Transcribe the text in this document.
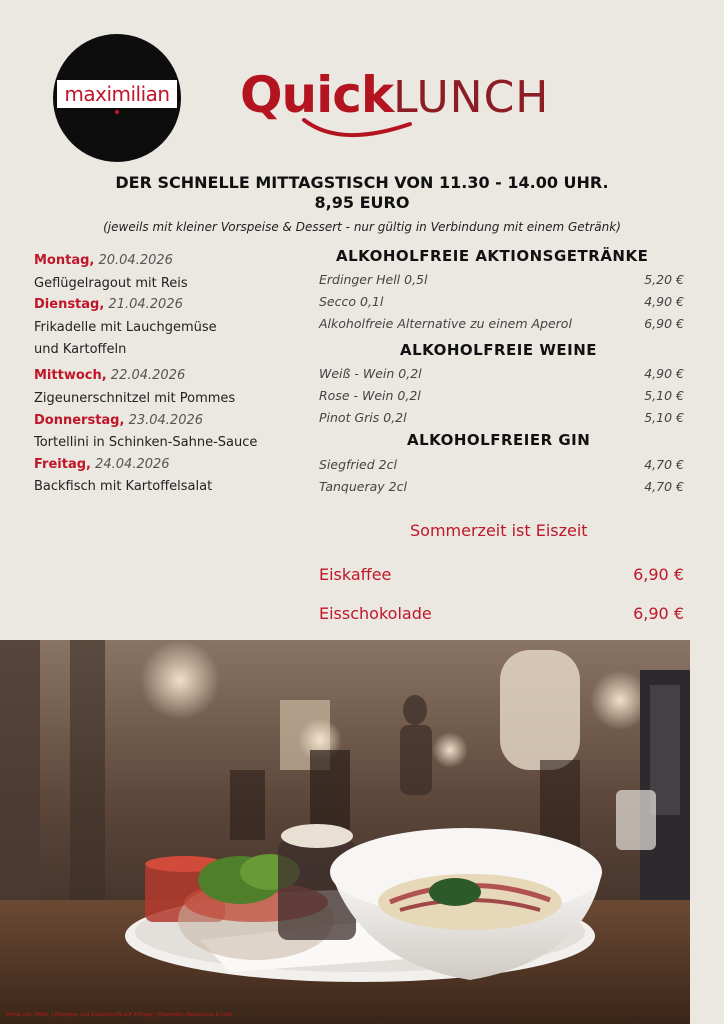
maximilian QuickLUNCH
DER SCHNELLE MITTAGSTISCH VON 11.30 - 14.00 UHR.
8,95 EURO
(jeweils mit kleiner Vorspeise & Dessert - nur gültig in Verbindung mit einem Getränk)
Montag, 20.04.2026
Geflügelragout mit Reis
Dienstag, 21.04.2026
Frikadelle mit Lauchgemüse
und Kartoffeln
Mittwoch, 22.04.2026
Zigeunerschnitzel mit Pommes
Donnerstag, 23.04.2026
Tortellini in Schinken-Sahne-Sauce
Freitag, 24.04.2026
Backfisch mit Kartoffelsalat
ALKOHOLFREIE AKTIONSGETRÄNKE
Erdinger Hell 0,5l	5,20 €
Secco 0,1l	4,90 €
Alkoholfreie Alternative zu einem Aperol	6,90 €
ALKOHOLFREIE WEINE
Weiß - Wein 0,2l	4,90 €
Rose - Wein 0,2l	5,10 €
Pinot Gris 0,2l	5,10 €
ALKOHOLFREIER GIN
Siegfried 2cl	4,70 €
Tanqueray 2cl	4,70 €
Sommerzeit ist Eiszeit
Eiskaffee	6,90 €
Eisschokolade	6,90 €
Preise inkl. MwSt. | Allergene und Zusatzstoffe auf Anfrage | Maximilian Restaurant & Café
